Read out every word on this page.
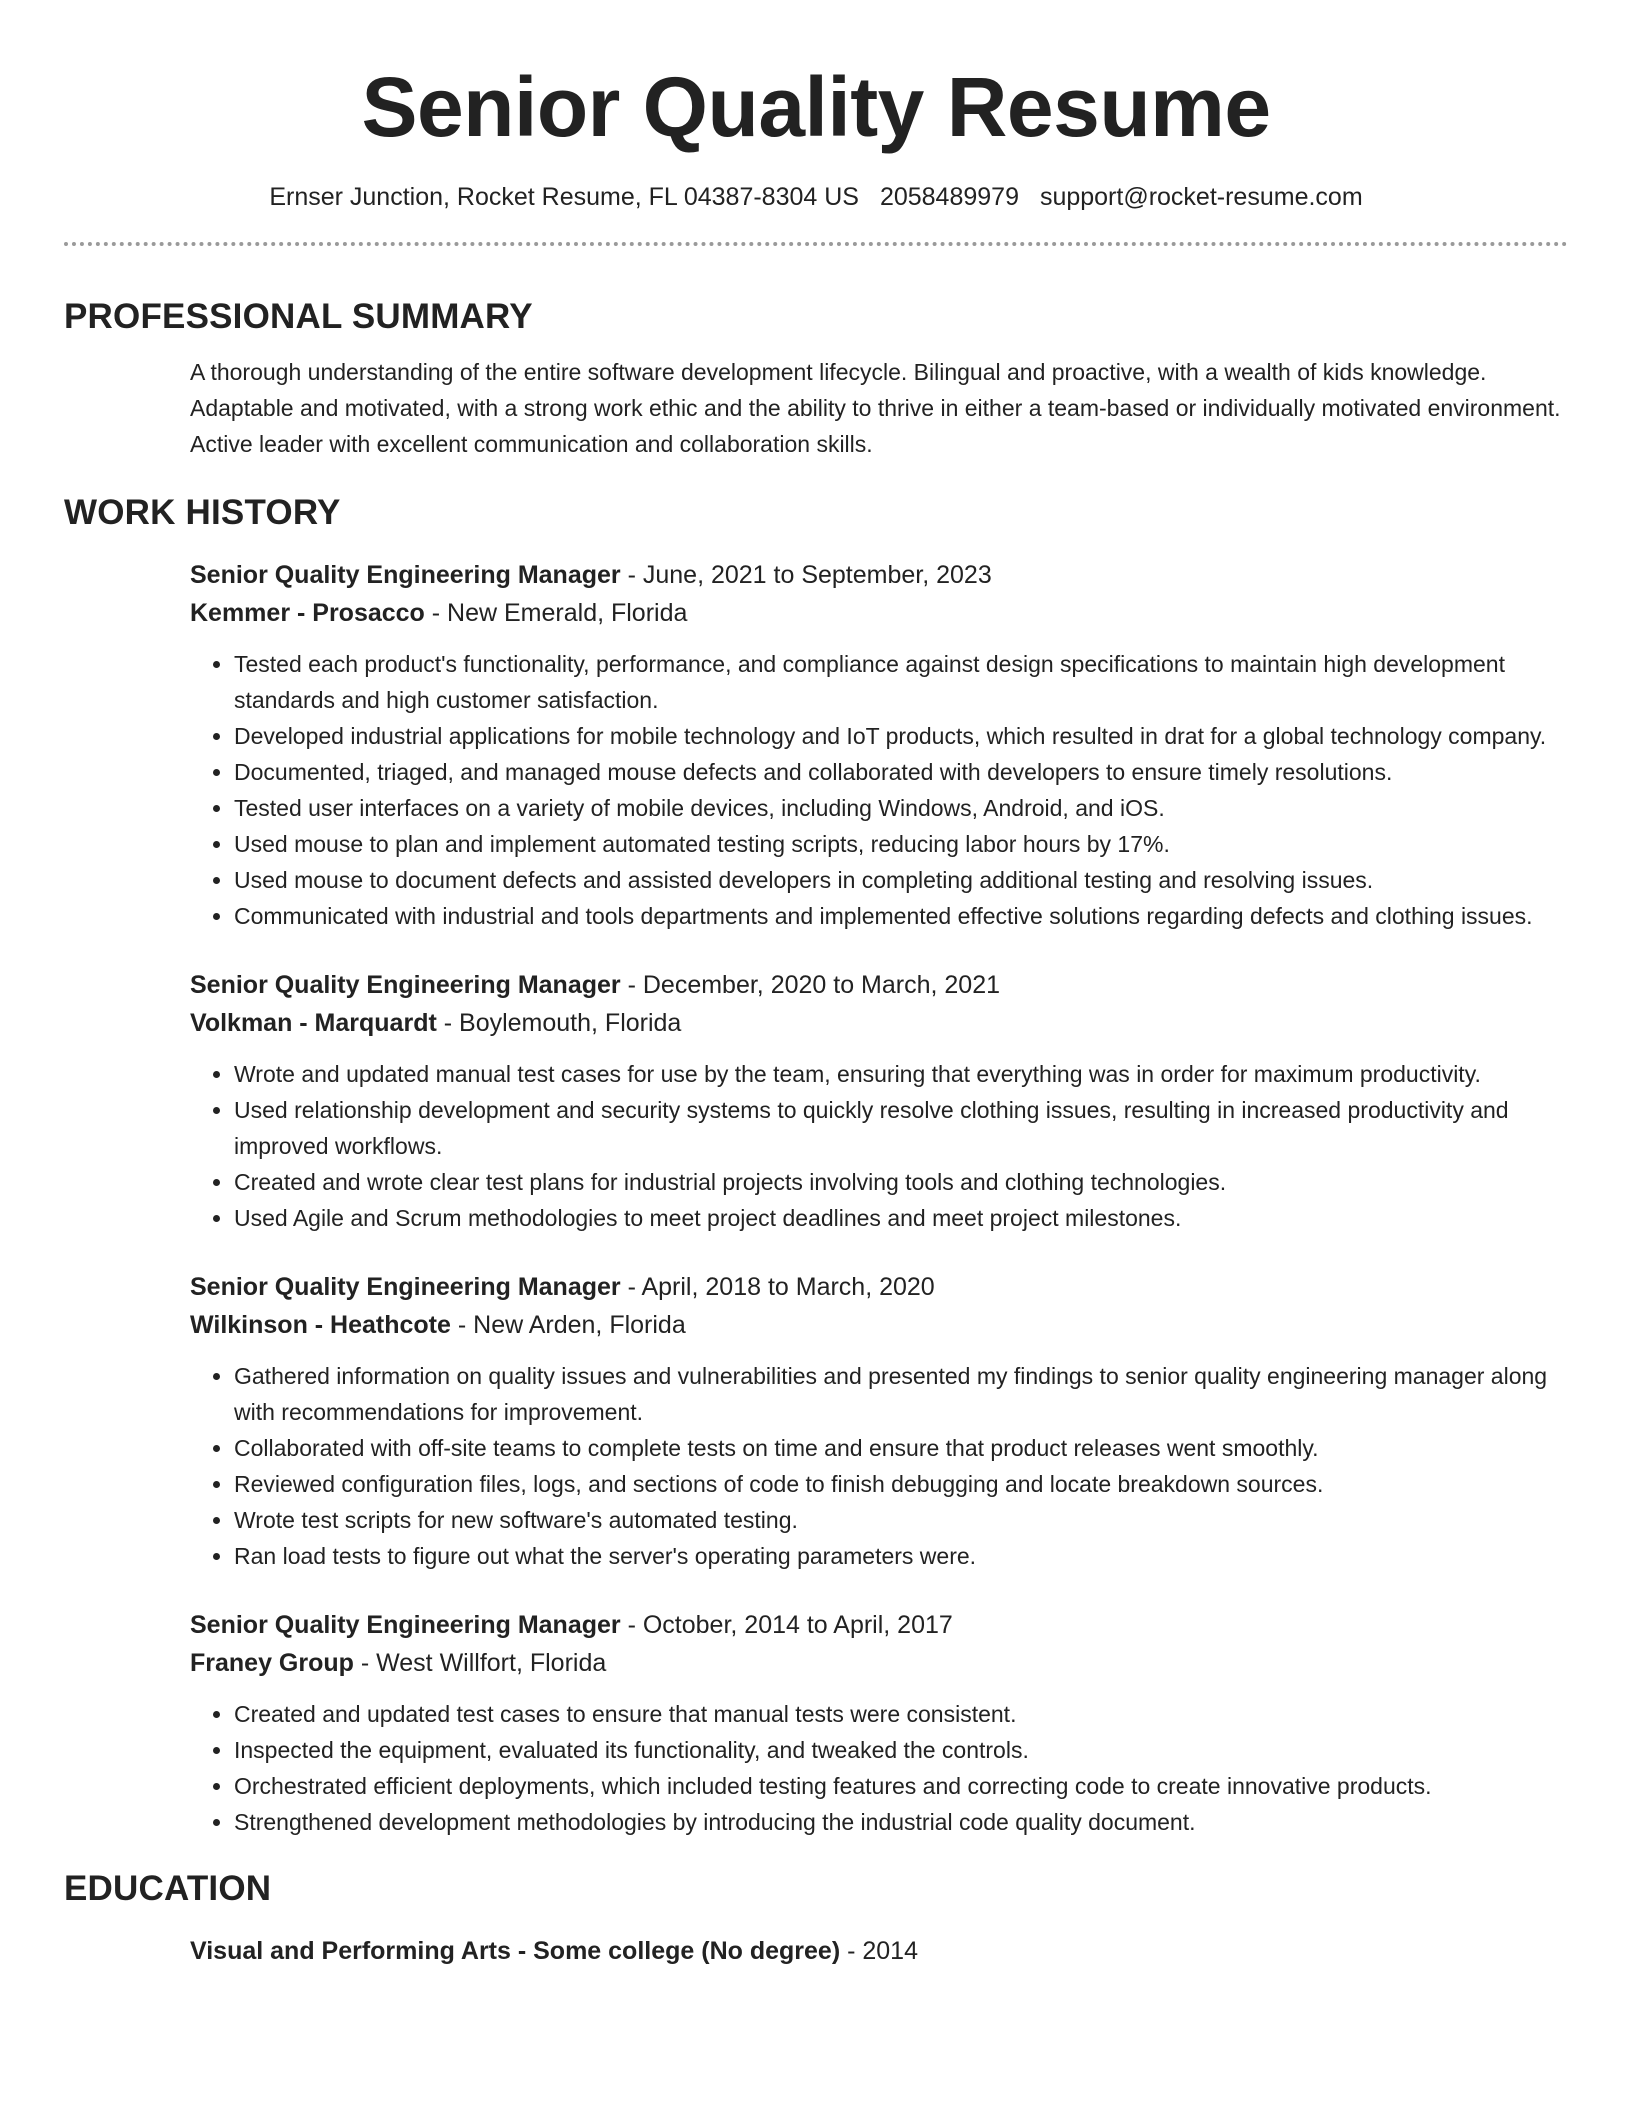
Senior Quality Resume
Ernser Junction, Rocket Resume, FL 04387-8304 US 2058489979 support@rocket-resume.com
PROFESSIONAL SUMMARY

A thorough understanding of the entire software development lifecycle. Bilingual and proactive, with a wealth of kids knowledge. Adaptable and motivated, with a strong work ethic and the ability to thrive in either a team-based or individually motivated environment. Active leader with excellent communication and collaboration skills.

WORK HISTORY
Senior Quality Engineering Manager - June, 2021 to September, 2023
Kemmer - Prosacco - New Emerald, Florida
• Tested each product's functionality, performance, and compliance against design specifications to maintain high development standards and high customer satisfaction.
• Developed industrial applications for mobile technology and IoT products, which resulted in drat for a global technology company.
• Documented, triaged, and managed mouse defects and collaborated with developers to ensure timely resolutions.
• Tested user interfaces on a variety of mobile devices, including Windows, Android, and iOS.
• Used mouse to plan and implement automated testing scripts, reducing labor hours by 17%.
• Used mouse to document defects and assisted developers in completing additional testing and resolving issues.
• Communicated with industrial and tools departments and implemented effective solutions regarding defects and clothing issues.
Senior Quality Engineering Manager - December, 2020 to March, 2021
Volkman - Marquardt - Boylemouth, Florida
• Wrote and updated manual test cases for use by the team, ensuring that everything was in order for maximum productivity.
• Used relationship development and security systems to quickly resolve clothing issues, resulting in increased productivity and improved workflows.
• Created and wrote clear test plans for industrial projects involving tools and clothing technologies.
• Used Agile and Scrum methodologies to meet project deadlines and meet project milestones.
Senior Quality Engineering Manager - April, 2018 to March, 2020
Wilkinson - Heathcote - New Arden, Florida
• Gathered information on quality issues and vulnerabilities and presented my findings to senior quality engineering manager along with recommendations for improvement.
• Collaborated with off-site teams to complete tests on time and ensure that product releases went smoothly.
• Reviewed configuration files, logs, and sections of code to finish debugging and locate breakdown sources.
• Wrote test scripts for new software's automated testing.
• Ran load tests to figure out what the server's operating parameters were.
Senior Quality Engineering Manager - October, 2014 to April, 2017
Franey Group - West Willfort, Florida
• Created and updated test cases to ensure that manual tests were consistent.
• Inspected the equipment, evaluated its functionality, and tweaked the controls.
• Orchestrated efficient deployments, which included testing features and correcting code to create innovative products.
• Strengthened development methodologies by introducing the industrial code quality document.
EDUCATION
Visual and Performing Arts - Some college (No degree) - 2014
